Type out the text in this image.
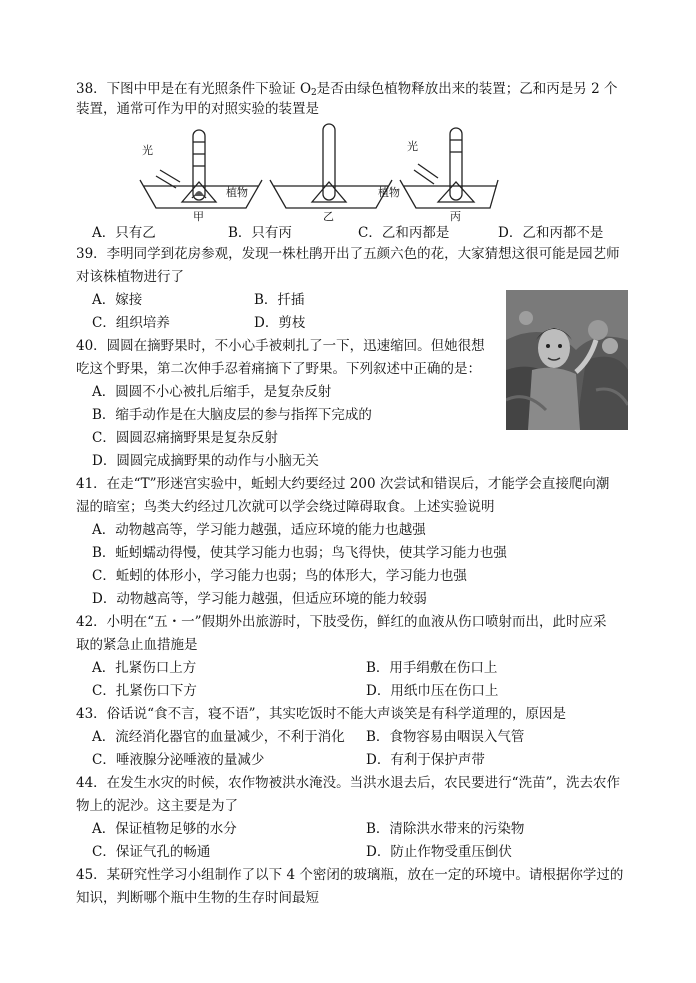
38．下图中甲是在有光照条件下验证 $O_2$是否由绿色植物释放出来的装置；乙和丙是另 2 个
装置，通常可作为甲的对照实验的装置是
光
植物
甲	乙
植物
光
丙
A．只有乙	B．只有丙	C．乙和丙都是	D．乙和丙都不是
39．李明同学到花房参观，发现一株杜鹃开出了五颜六色的花，大家猜想这很可能是园艺师
对该株植物进行了
A．嫁接	B．扦插
C．组织培养	D．剪枝
40．圆圆在摘野果时，不小心手被刺扎了一下，迅速缩回。但她很想
吃这个野果，第二次伸手忍着痛摘下了野果。下列叙述中正确的是：
A．圆圆不小心被扎后缩手，是复杂反射
B．缩手动作是在大脑皮层的参与指挥下完成的
C．圆圆忍痛摘野果是复杂反射
D．圆圆完成摘野果的动作与小脑无关
41．在走“T”形迷宫实验中，蚯蚓大约要经过 200 次尝试和错误后，才能学会直接爬向潮
湿的暗室；鸟类大约经过几次就可以学会绕过障碍取食。上述实验说明
A．动物越高等，学习能力越强，适应环境的能力也越强
B．蚯蚓蠕动得慢，使其学习能力也弱；鸟飞得快，使其学习能力也强
C．蚯蚓的体形小，学习能力也弱；鸟的体形大，学习能力也强
D．动物越高等，学习能力越强，但适应环境的能力较弱
42．小明在“五・一”假期外出旅游时，下肢受伤，鲜红的血液从伤口喷射而出，此时应采
取的紧急止血措施是
A．扎紧伤口上方	B．用手绢敷在伤口上
C．扎紧伤口下方	D．用纸巾压在伤口上
43．俗话说“食不言，寝不语”，其实吃饭时不能大声谈笑是有科学道理的，原因是
A．流经消化器官的血量减少，不利于消化 B．食物容易由咽误入气管
C．唾液腺分泌唾液的量减少	D．有利于保护声带
44．在发生水灾的时候，农作物被洪水淹没。当洪水退去后，农民要进行“洗苗”，洗去农作
物上的泥沙。这主要是为了
A．保证植物足够的水分	B．清除洪水带来的污染物
C．保证气孔的畅通	D．防止作物受重压倒伏
45．某研究性学习小组制作了以下 4 个密闭的玻璃瓶，放在一定的环境中。请根据你学过的
知识，判断哪个瓶中生物的生存时间最短
